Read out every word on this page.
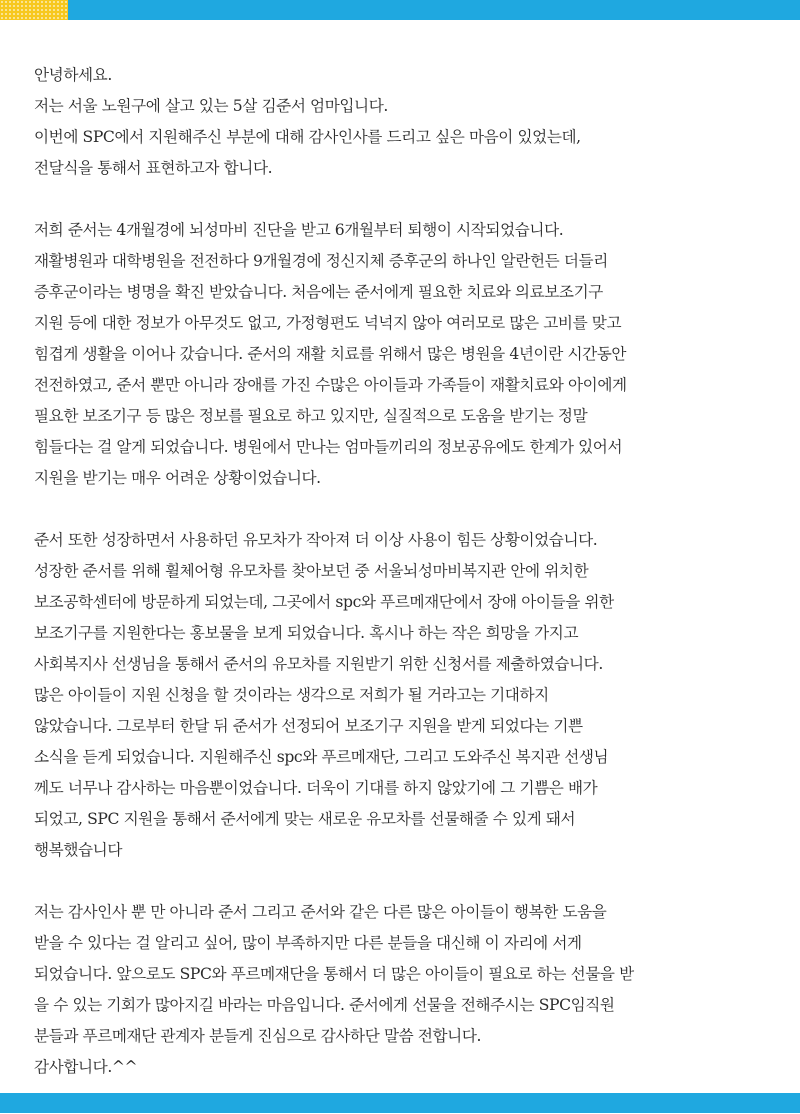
안녕하세요.
저는 서울 노원구에 살고 있는 5살 김준서 엄마입니다.
이번에 SPC에서 지원해주신 부분에 대해 감사인사를 드리고 싶은 마음이 있었는데,
전달식을 통해서 표현하고자 합니다.
저희 준서는 4개월경에 뇌성마비 진단을 받고 6개월부터 퇴행이 시작되었습니다.
재활병원과 대학병원을 전전하다 9개월경에 정신지체 증후군의 하나인 알란헌든 더들리
증후군이라는 병명을 확진 받았습니다. 처음에는 준서에게 필요한 치료와 의료보조기구
지원 등에 대한 정보가 아무것도 없고, 가정형편도 넉넉지 않아 여러모로 많은 고비를 맞고
힘겹게 생활을 이어나 갔습니다. 준서의 재활 치료를 위해서 많은 병원을 4년이란 시간동안
전전하였고, 준서 뿐만 아니라 장애를 가진 수많은 아이들과 가족들이 재활치료와 아이에게
필요한 보조기구 등 많은 정보를 필요로 하고 있지만, 실질적으로 도움을 받기는 정말
힘들다는 걸 알게 되었습니다. 병원에서 만나는 엄마들끼리의 정보공유에도 한계가 있어서
지원을 받기는 매우 어려운 상황이었습니다.
준서 또한 성장하면서 사용하던 유모차가 작아져 더 이상 사용이 힘든 상황이었습니다.
성장한 준서를 위해 휠체어형 유모차를 찾아보던 중 서울뇌성마비복지관 안에 위치한
보조공학센터에 방문하게 되었는데, 그곳에서 spc와 푸르메재단에서 장애 아이들을 위한
보조기구를 지원한다는 홍보물을 보게 되었습니다. 혹시나 하는 작은 희망을 가지고
사회복지사 선생님을 통해서 준서의 유모차를 지원받기 위한 신청서를 제출하였습니다.
많은 아이들이 지원 신청을 할 것이라는 생각으로 저희가 될 거라고는 기대하지
않았습니다. 그로부터 한달 뒤 준서가 선정되어 보조기구 지원을 받게 되었다는 기쁜
소식을 듣게 되었습니다. 지원해주신 spc와 푸르메재단, 그리고 도와주신 복지관 선생님
께도 너무나 감사하는 마음뿐이었습니다. 더욱이 기대를 하지 않았기에 그 기쁨은 배가
되었고, SPC 지원을 통해서 준서에게 맞는 새로운 유모차를 선물해줄 수 있게 돼서
행복했습니다
저는 감사인사 뿐 만 아니라 준서 그리고 준서와 같은 다른 많은 아이들이 행복한 도움을
받을 수 있다는 걸 알리고 싶어, 많이 부족하지만 다른 분들을 대신해 이 자리에 서게
되었습니다. 앞으로도 SPC와 푸르메재단을 통해서 더 많은 아이들이 필요로 하는 선물을 받
을 수 있는 기회가 많아지길 바라는 마음입니다. 준서에게 선물을 전해주시는 SPC임직원
분들과 푸르메재단 관계자 분들게 진심으로 감사하단 말씀 전합니다.
감사합니다.^^
